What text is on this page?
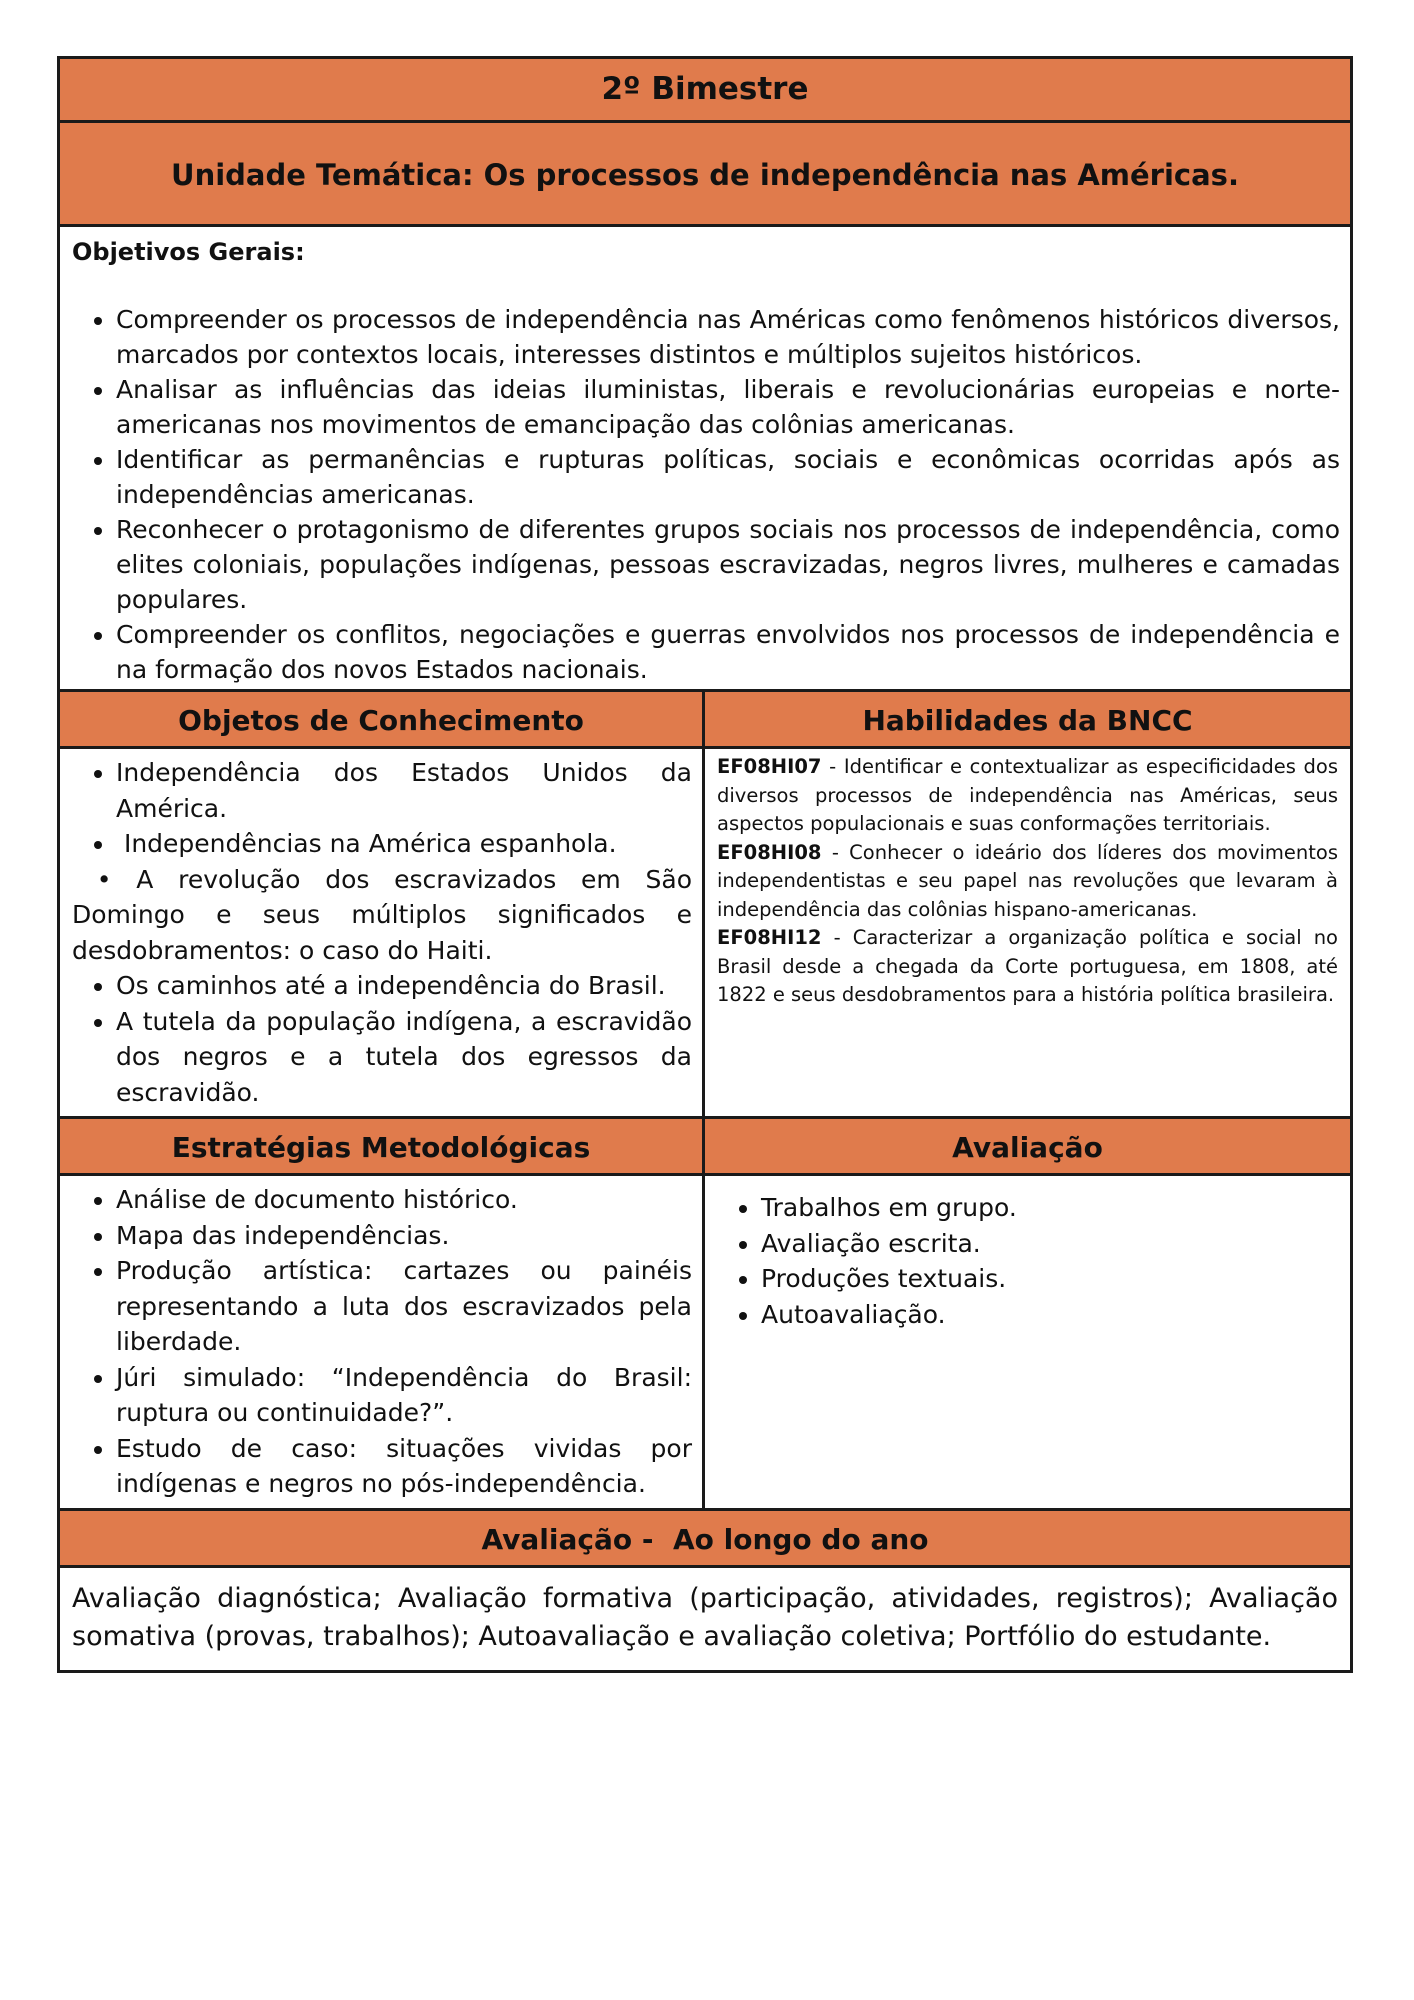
2º Bimestre
Unidade Temática: Os processos de independência nas Américas.
Objetivos Gerais:
• Compreender os processos de independência nas Américas como fenômenos históricos diversos, marcados por contextos locais, interesses distintos e múltiplos sujeitos históricos.
• Analisar as influências das ideias iluministas, liberais e revolucionárias europeias e norte-americanas nos movimentos de emancipação das colônias americanas.
• Identificar as permanências e rupturas políticas, sociais e econômicas ocorridas após as independências americanas.
• Reconhecer o protagonismo de diferentes grupos sociais nos processos de independência, como elites coloniais, populações indígenas, pessoas escravizadas, negros livres, mulheres e camadas populares.
• Compreender os conflitos, negociações e guerras envolvidos nos processos de independência e na formação dos novos Estados nacionais.
Objetos de Conhecimento
• Independência dos Estados Unidos da América.
•  Independências na América espanhola.

• A revolução dos escravizados em São Domingo e seus múltiplos significados e desdobramentos: o caso do Haiti.

• Os caminhos até a independência do Brasil.
• A tutela da população indígena, a escravidão dos negros e a tutela dos egressos da escravidão.
Habilidades da BNCC

EF08HI07 - Identificar e contextualizar as especificidades dos diversos processos de independência nas Américas, seus aspectos populacionais e suas conformações territoriais.

EF08HI08 - Conhecer o ideário dos líderes dos movimentos independentistas e seu papel nas revoluções que levaram à independência das colônias hispano-americanas.

EF08HI12 - Caracterizar a organização política e social no Brasil desde a chegada da Corte portuguesa, em 1808, até 1822 e seus desdobramentos para a história política brasileira.

Estratégias Metodológicas
• Análise de documento histórico.
• Mapa das independências.
• Produção artística: cartazes ou painéis representando a luta dos escravizados pela liberdade.
• Júri simulado: “Independência do Brasil: ruptura ou continuidade?”.
• Estudo de caso: situações vividas por indígenas e negros no pós-independência.
Avaliação
• Trabalhos em grupo.
• Avaliação escrita.
• Produções textuais.
• Autoavaliação.
Avaliação -  Ao longo do ano
Avaliação diagnóstica; Avaliação formativa (participação, atividades, registros); Avaliação somativa (provas, trabalhos); Autoavaliação e avaliação coletiva; Portfólio do estudante.
